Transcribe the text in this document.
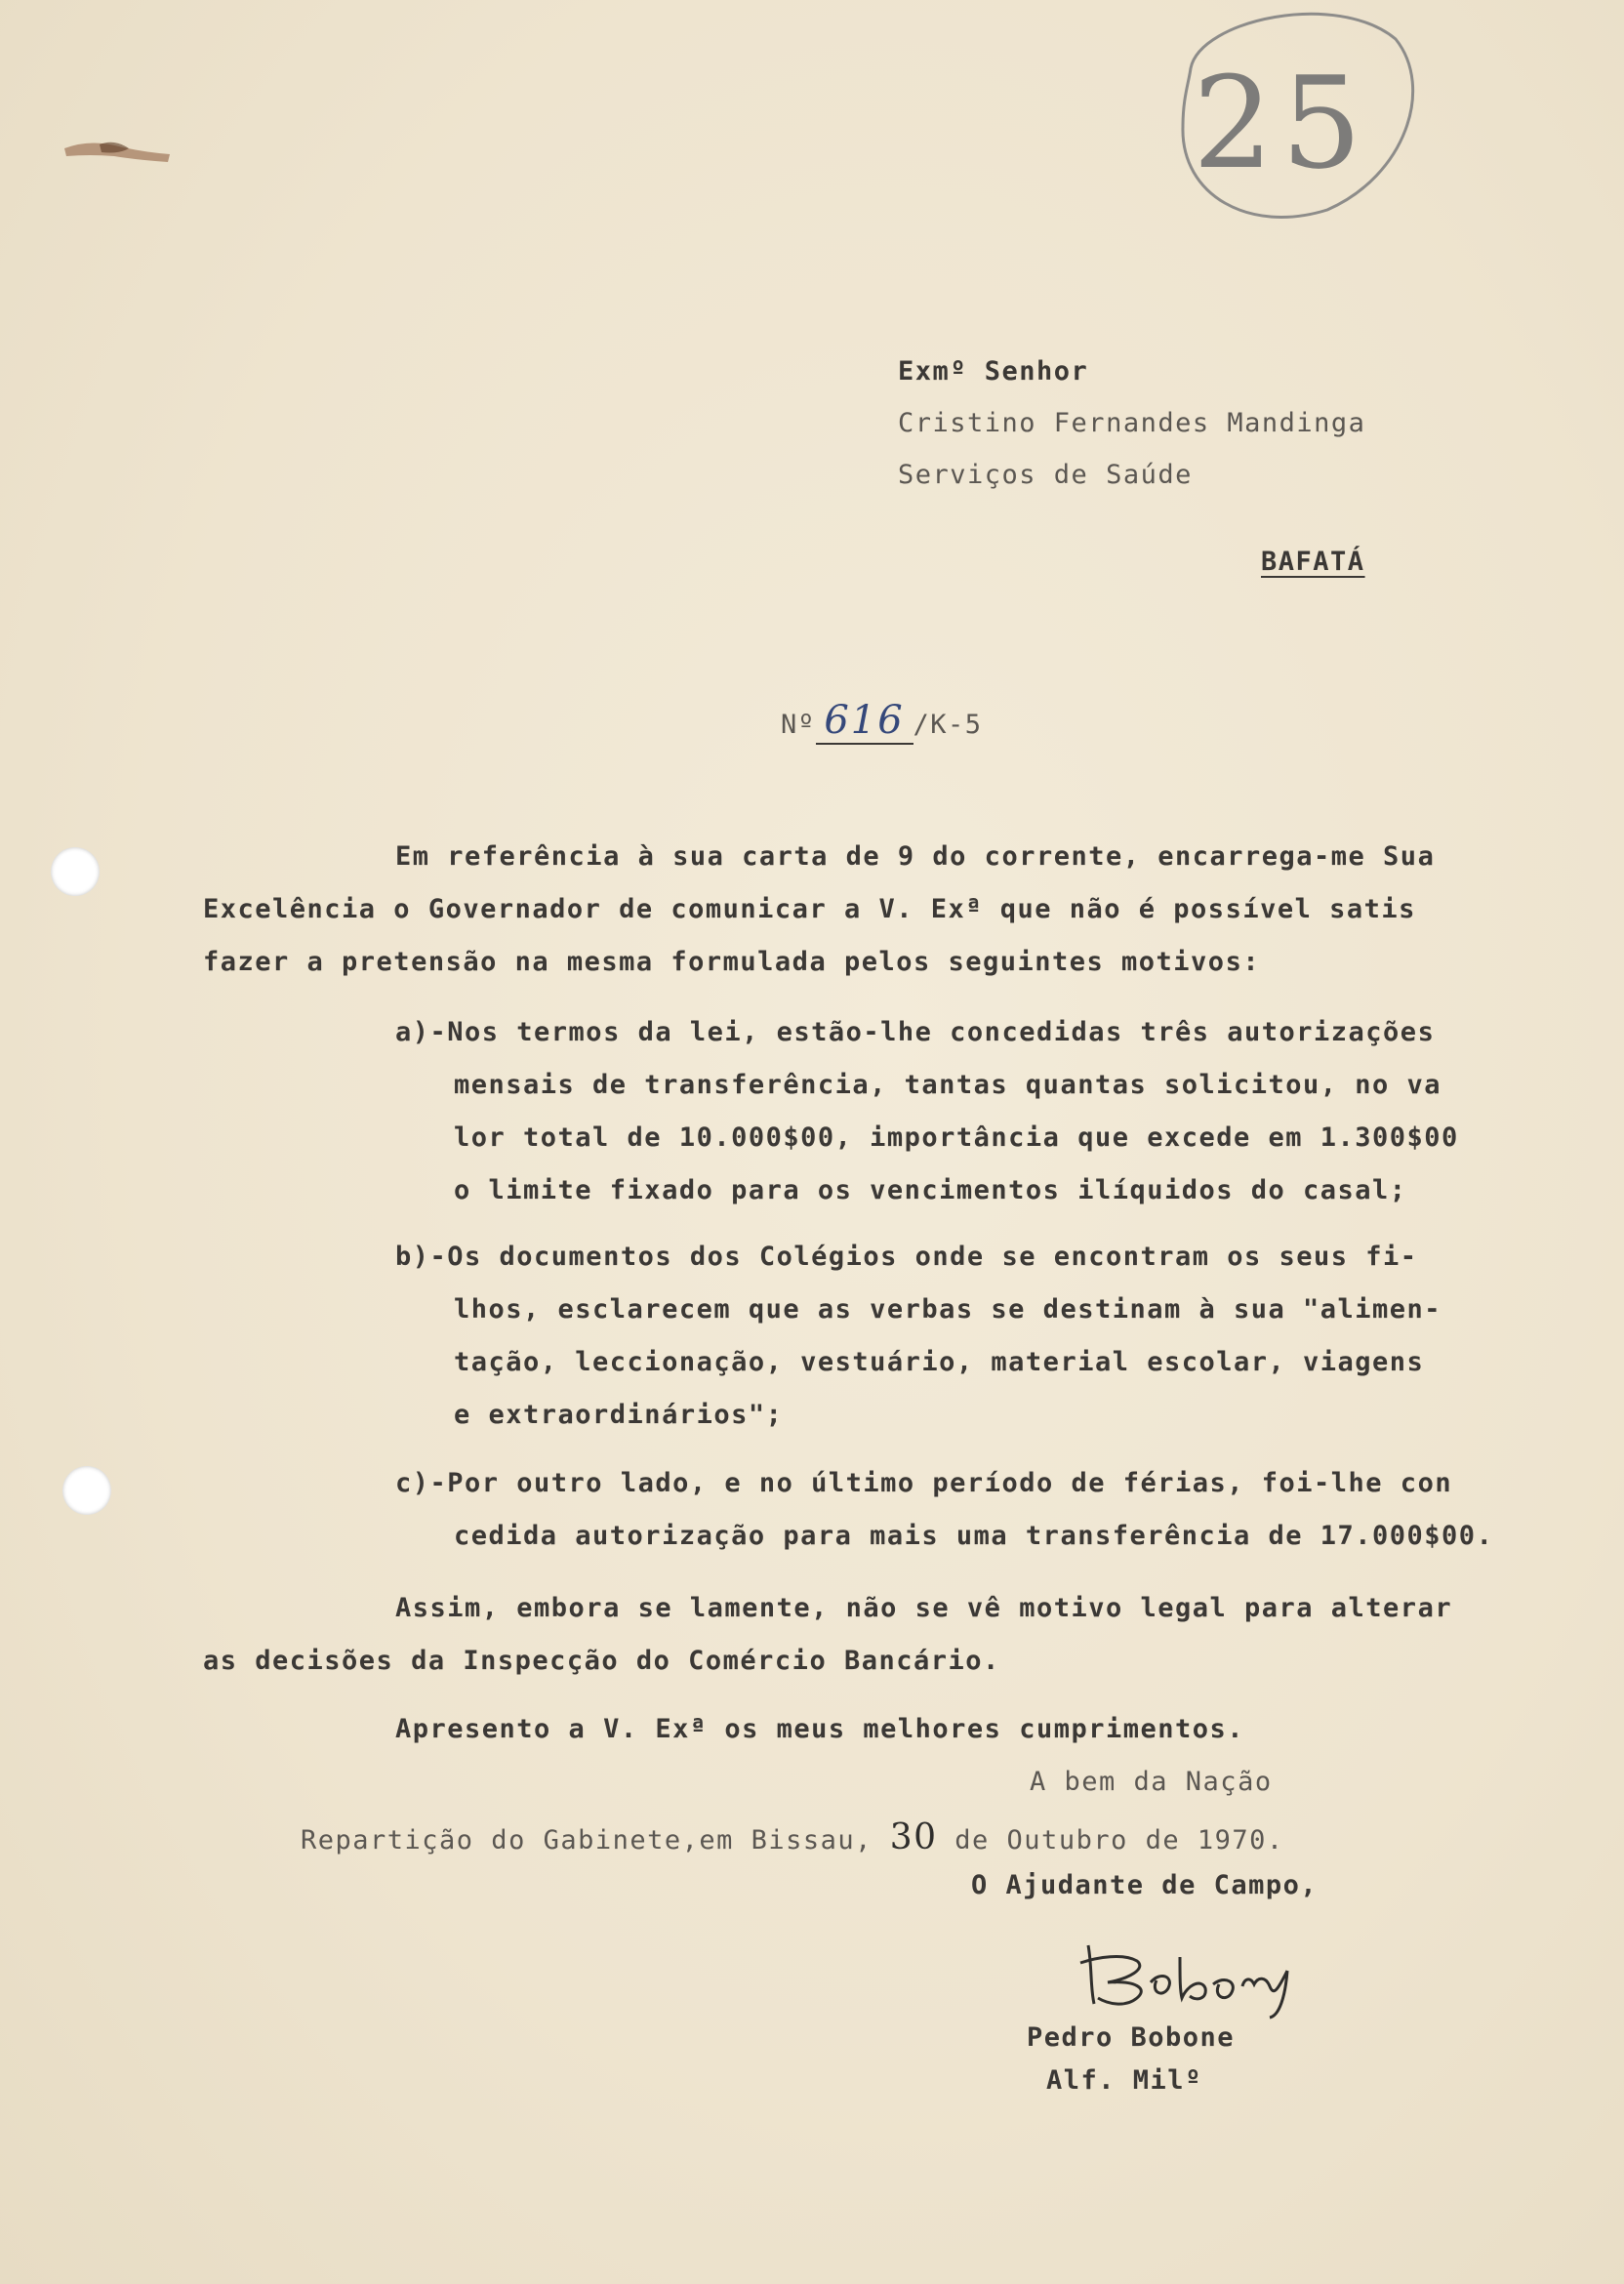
25
Exmº Senhor
Cristino Fernandes Mandinga
Serviços de Saúde
BAFATÁ
Nº 616 /K-5
Em referência à sua carta de 9 do corrente, encarrega-me Sua
Excelência o Governador de comunicar a V. Exª que não é possível satis
fazer a pretensão na mesma formulada pelos seguintes motivos:
a)-Nos termos da lei, estão-lhe concedidas três autorizações
mensais de transferência, tantas quantas solicitou, no va
lor total de 10.000$00, importância que excede em 1.300$00
o limite fixado para os vencimentos ilíquidos do casal;
b)-Os documentos dos Colégios onde se encontram os seus fi-
lhos, esclarecem que as verbas se destinam à sua "alimen-
tação, leccionação, vestuário, material escolar, viagens
e extraordinários";
c)-Por outro lado, e no último período de férias, foi-lhe con
cedida autorização para mais uma transferência de 17.000$00.
Assim, embora se lamente, não se vê motivo legal para alterar
as decisões da Inspecção do Comércio Bancário.
Apresento a V. Exª os meus melhores cumprimentos.
A bem da Nação
Repartição do Gabinete,em Bissau, 30 de Outubro de 1970.
O Ajudante de Campo,
Pedro Bobone
Alf. Milº
